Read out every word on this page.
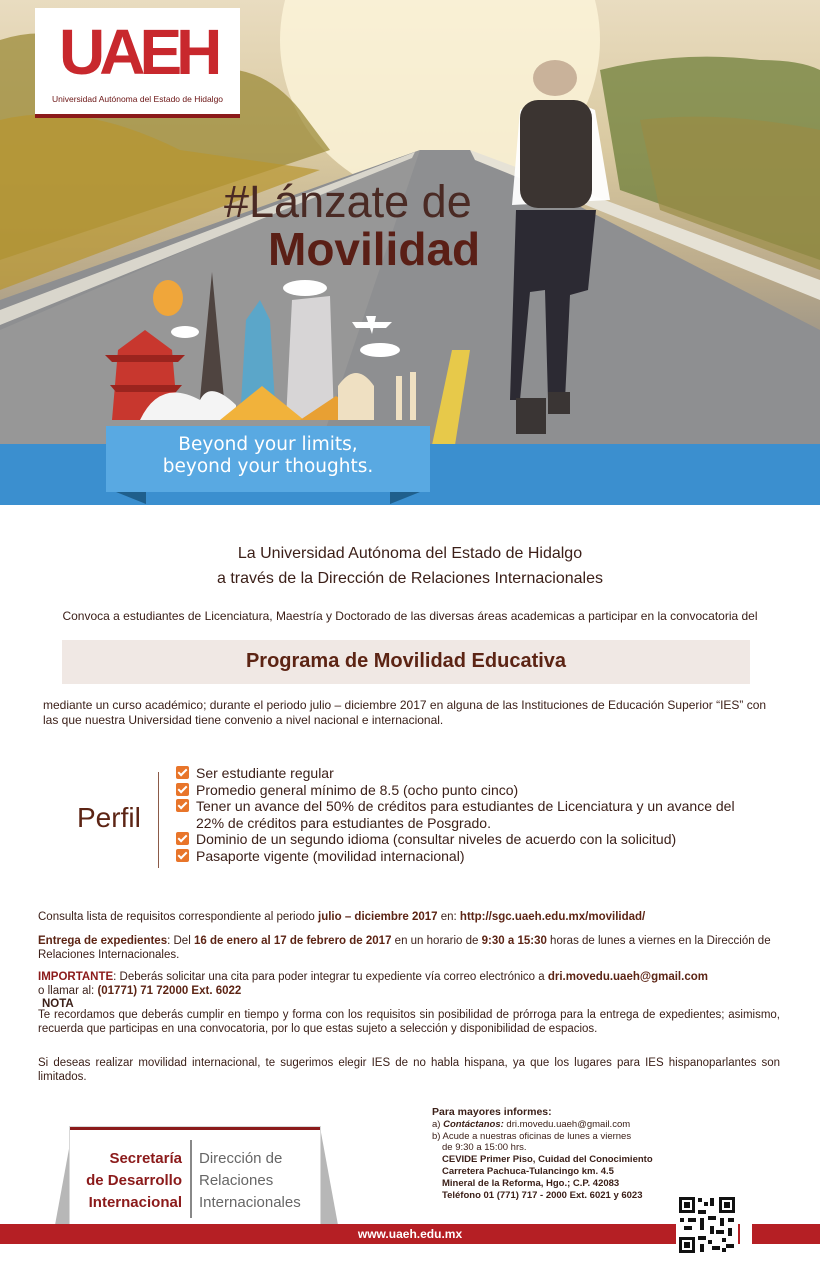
UAEH
Universidad Autónoma del Estado de Hidalgo
#Lánzate de
Movilidad
Beyond your limits,
beyond your thoughts.
La Universidad Autónoma del Estado de Hidalgo
a través de la Dirección de Relaciones Internacionales
Convoca a estudiantes de Licenciatura, Maestría y Doctorado de las diversas áreas academicas a participar en la convocatoria del
Programa de Movilidad Educativa
mediante un curso académico; durante el periodo julio – diciembre 2017 en alguna de las Instituciones de Educación Superior “IES” con las que nuestra Universidad tiene convenio a nivel nacional e internacional.
Perfil
Ser estudiante regular
Promedio general mínimo de 8.5 (ocho punto cinco)
Tener un avance del 50% de créditos para estudiantes de Licenciatura y un avance del 22% de créditos para estudiantes de Posgrado.
Dominio de un segundo idioma (consultar niveles de acuerdo con la solicitud)
Pasaporte vigente (movilidad internacional)
Consulta lista de requisitos correspondiente al periodo julio – diciembre 2017 en: http://sgc.uaeh.edu.mx/movilidad/
Entrega de expedientes: Del 16 de enero al 17 de febrero de 2017 en un horario de 9:30 a 15:30 horas de lunes a viernes en la Dirección de Relaciones Internacionales.
IMPORTANTE: Deberás solicitar una cita para poder integrar tu expediente vía correo electrónico a dri.movedu.uaeh@gmail.com
o llamar al: (01771) 71 72000 Ext. 6022
NOTA
Te recordamos que deberás cumplir en tiempo y forma con los requisitos sin posibilidad de prórroga para la entrega de expedientes; asimismo, recuerda que participas en una convocatoria, por lo que estas sujeto a selección y disponibilidad de espacios.
Si deseas realizar movilidad internacional, te sugerimos elegir IES de no habla hispana, ya que los lugares para IES hispanoparlantes son limitados.
Secretaría
de Desarrollo
Internacional
Dirección de
Relaciones
Internacionales
Para mayores informes:
a) Contáctanos: dri.movedu.uaeh@gmail.com
b) Acude a nuestras oficinas de lunes a viernes
de 9:30 a 15:00 hrs.
CEVIDE Primer Piso, Cuidad del Conocimiento
Carretera Pachuca-Tulancingo km. 4.5
Mineral de la Reforma, Hgo.; C.P. 42083
Teléfono 01 (771) 717 - 2000 Ext. 6021 y 6023
www.uaeh.edu.mx
